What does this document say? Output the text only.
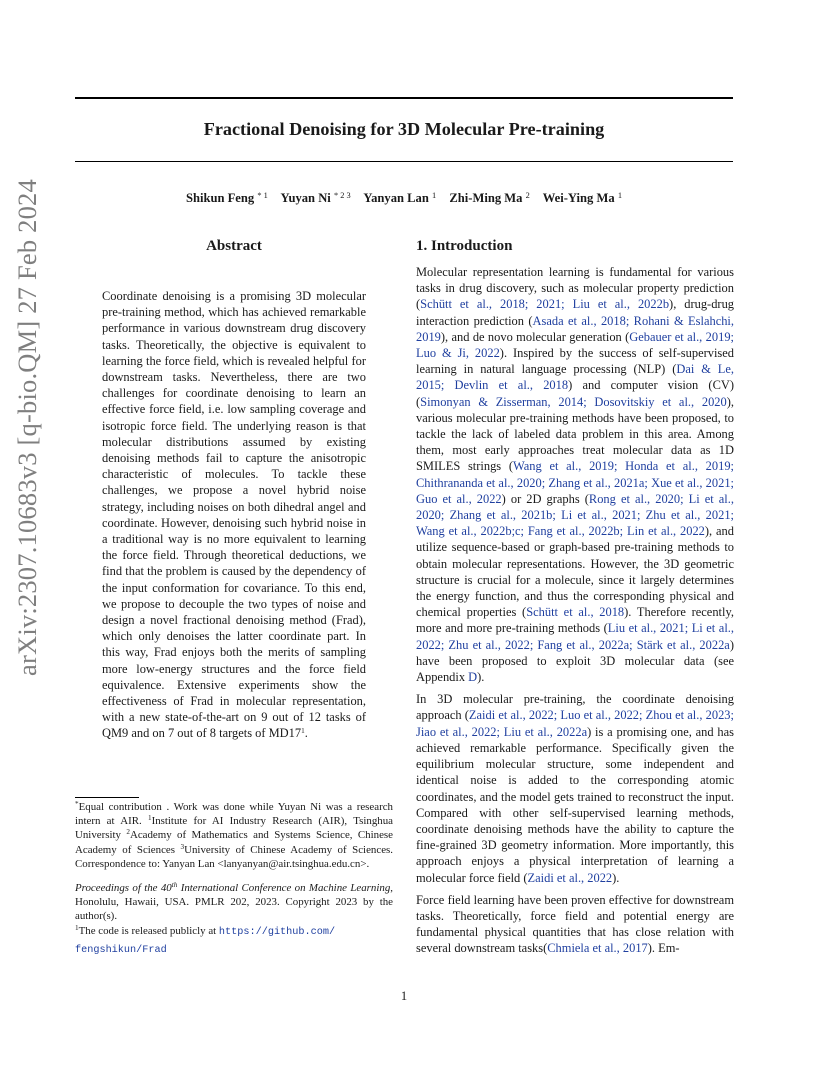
arXiv:2307.10683v3 [q-bio.QM] 27 Feb 2024
Fractional Denoising for 3D Molecular Pre-training
Shikun Feng $^{* 1}$ Yuyan Ni $^{* 2 3}$ Yanyan Lan $^1$ Zhi-Ming Ma $^2$ Wei-Ying Ma $^1$
Abstract
Coordinate denoising is a promising 3D molecular pre-training method, which has achieved remarkable performance in various downstream drug discovery tasks. Theoretically, the objective is equivalent to learning the force field, which is revealed helpful for downstream tasks. Nevertheless, there are two challenges for coordinate denoising to learn an effective force field, i.e. low sampling coverage and isotropic force field. The underlying reason is that molecular distributions assumed by existing denoising methods fail to capture the anisotropic characteristic of molecules. To tackle these challenges, we propose a novel hybrid noise strategy, including noises on both dihedral angel and coordinate. However, denoising such hybrid noise in a traditional way is no more equivalent to learning the force field. Through theoretical deductions, we find that the problem is caused by the dependency of the input conformation for covariance. To this end, we propose to decouple the two types of noise and design a novel fractional denoising method (Frad), which only denoises the latter coordinate part. In this way, Frad enjoys both the merits of sampling more low-energy structures and the force field equivalence. Extensive experiments show the effectiveness of Frad in molecular representation, with a new state-of-the-art on 9 out of 12 tasks of QM9 and on 7 out of 8 targets of $MD17^1$.
*Equal contribution . Work was done while Yuyan Ni was a research intern at AIR. $^1$Institute for AI Industry Research (AIR), Tsinghua University $^2$Academy of Mathematics and Systems Science, Chinese Academy of Sciences $^3$University of Chinese Academy of Sciences. Correspondence to: Yanyan Lan <lanyanyan@air.tsinghua.edu.cn>.
Proceedings of the 40th International Conference on Machine Learning, Honolulu, Hawaii, USA. PMLR 202, 2023. Copyright 2023 by the author(s).
$^1$The code is released publicly at https://github.com/
fengshikun/Frad
1. Introduction

Molecular representation learning is fundamental for various tasks in drug discovery, such as molecular property prediction (Schütt et al., 2018; 2021; Liu et al., 2022b), drug-drug interaction prediction (Asada et al., 2018; Rohani & Eslahchi, 2019), and de novo molecular generation (Gebauer et al., 2019; Luo & Ji, 2022). Inspired by the success of self-supervised learning in natural language processing (NLP) (Dai & Le, 2015; Devlin et al., 2018) and computer vision (CV) (Simonyan & Zisserman, 2014; Dosovitskiy et al., 2020), various molecular pre-training methods have been proposed, to tackle the lack of labeled data problem in this area. Among them, most early approaches treat molecular data as 1D SMILES strings (Wang et al., 2019; Honda et al., 2019; Chithrananda et al., 2020; Zhang et al., 2021a; Xue et al., 2021; Guo et al., 2022) or 2D graphs (Rong et al., 2020; Li et al., 2020; Zhang et al., 2021b; Li et al., 2021; Zhu et al., 2021; Wang et al., 2022b;c; Fang et al., 2022b; Lin et al., 2022), and utilize sequence-based or graph-based pre-training methods to obtain molecular representations. However, the 3D geometric structure is crucial for a molecule, since it largely determines the energy function, and thus the corresponding physical and chemical properties (Schütt et al., 2018). Therefore recently, more and more pre-training methods (Liu et al., 2021; Li et al., 2022; Zhu et al., 2022; Fang et al., 2022a; Stärk et al., 2022a) have been proposed to exploit 3D molecular data (see Appendix D).

In 3D molecular pre-training, the coordinate denoising approach (Zaidi et al., 2022; Luo et al., 2022; Zhou et al., 2023; Jiao et al., 2022; Liu et al., 2022a) is a promising one, and has achieved remarkable performance. Specifically given the equilibrium molecular structure, some independent and identical noise is added to the corresponding atomic coordinates, and the model gets trained to reconstruct the input. Compared with other self-supervised learning methods, coordinate denoising methods have the ability to capture the fine-grained 3D geometry information. More importantly, this approach enjoys a physical interpretation of learning a molecular force field (Zaidi et al., 2022).

Force field learning have been proven effective for downstream tasks. Theoretically, force field and potential energy are fundamental physical quantities that has close relation with several downstream tasks(Chmiela et al., 2017). Em-

1
